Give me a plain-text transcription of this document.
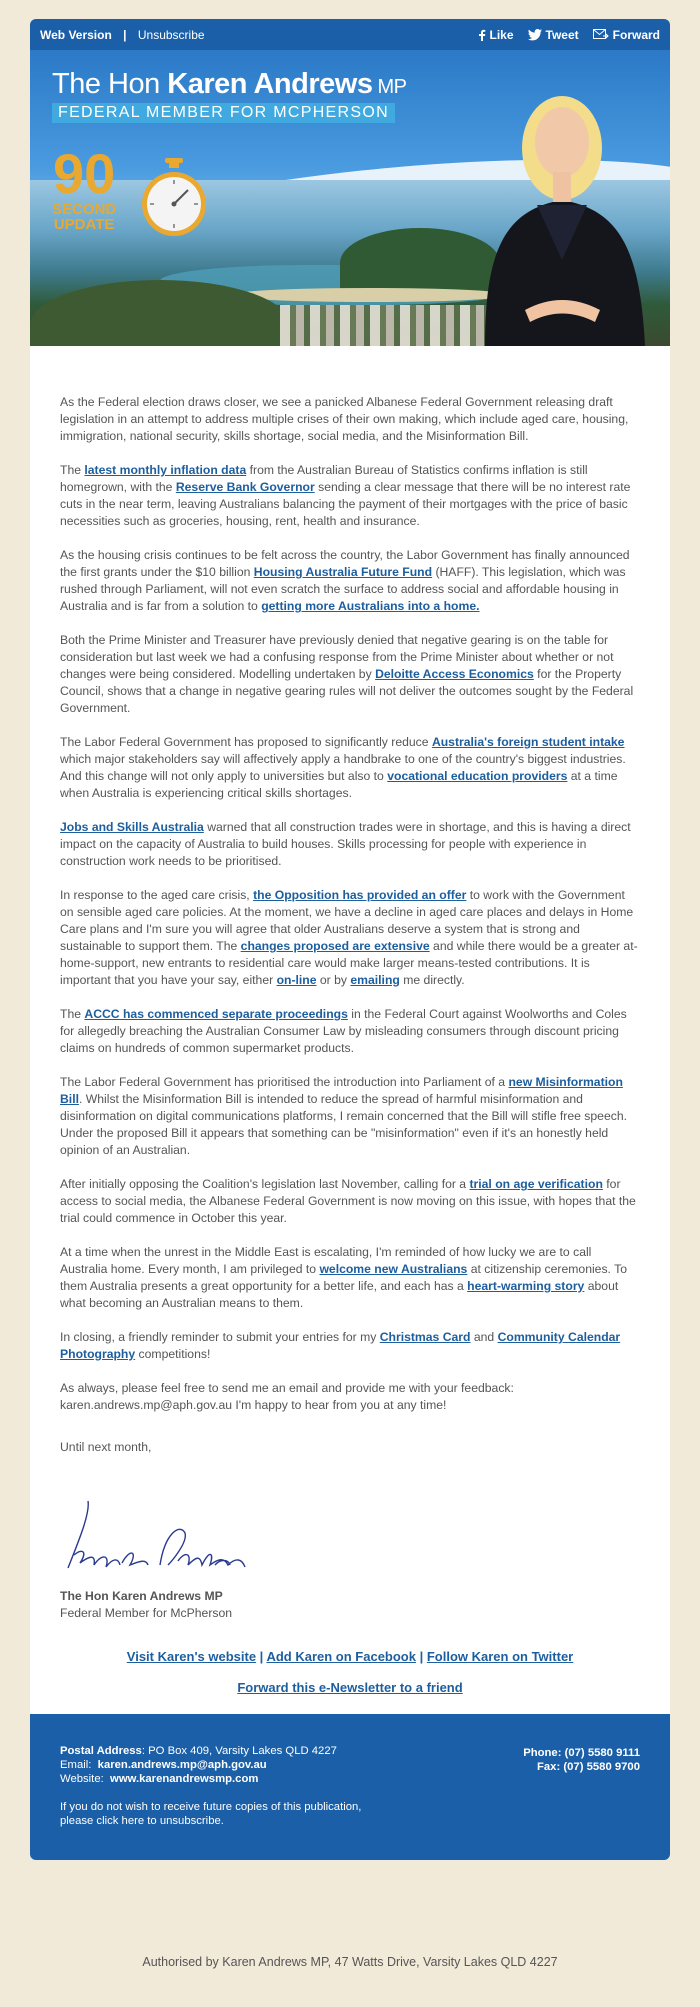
Web Version | Unsubscribe	Like	Tweet	Forward
The Hon Karen Andrews MP
FEDERAL MEMBER FOR MCPHERSON
90
SECOND
UPDATE

As the Federal election draws closer, we see a panicked Albanese Federal Government releasing draft legislation in an attempt to address multiple crises of their own making, which include aged care, housing, immigration, national security, skills shortage, social media, and the Misinformation Bill.

The latest monthly inflation data from the Australian Bureau of Statistics confirms inflation is still homegrown, with the Reserve Bank Governor sending a clear message that there will be no interest rate cuts in the near term, leaving Australians balancing the payment of their mortgages with the price of basic necessities such as groceries, housing, rent, health and insurance.

As the housing crisis continues to be felt across the country, the Labor Government has finally announced the first grants under the $10 billion Housing Australia Future Fund (HAFF). This legislation, which was rushed through Parliament, will not even scratch the surface to address social and affordable housing in Australia and is far from a solution to getting more Australians into a home.

Both the Prime Minister and Treasurer have previously denied that negative gearing is on the table for consideration but last week we had a confusing response from the Prime Minister about whether or not changes were being considered. Modelling undertaken by Deloitte Access Economics for the Property Council, shows that a change in negative gearing rules will not deliver the outcomes sought by the Federal Government.

The Labor Federal Government has proposed to significantly reduce Australia's foreign student intake which major stakeholders say will affectively apply a handbrake to one of the country's biggest industries. And this change will not only apply to universities but also to vocational education providers at a time when Australia is experiencing critical skills shortages.

Jobs and Skills Australia warned that all construction trades were in shortage, and this is having a direct impact on the capacity of Australia to build houses. Skills processing for people with experience in construction work needs to be prioritised.

In response to the aged care crisis, the Opposition has provided an offer to work with the Government on sensible aged care policies. At the moment, we have a decline in aged care places and delays in Home Care plans and I'm sure you will agree that older Australians deserve a system that is strong and sustainable to support them. The changes proposed are extensive and while there would be a greater at-home-support, new entrants to residential care would make larger means-tested contributions. It is important that you have your say, either on-line or by emailing me directly.

The ACCC has commenced separate proceedings in the Federal Court against Woolworths and Coles for allegedly breaching the Australian Consumer Law by misleading consumers through discount pricing claims on hundreds of common supermarket products.

The Labor Federal Government has prioritised the introduction into Parliament of a new Misinformation Bill. Whilst the Misinformation Bill is intended to reduce the spread of harmful misinformation and disinformation on digital communications platforms, I remain concerned that the Bill will stifle free speech. Under the proposed Bill it appears that something can be "misinformation" even if it's an honestly held opinion of an Australian.

After initially opposing the Coalition's legislation last November, calling for a trial on age verification for access to social media, the Albanese Federal Government is now moving on this issue, with hopes that the trial could commence in October this year.

At a time when the unrest in the Middle East is escalating, I'm reminded of how lucky we are to call Australia home. Every month, I am privileged to welcome new Australians at citizenship ceremonies. To them Australia presents a great opportunity for a better life, and each has a heart-warming story about what becoming an Australian means to them.

In closing, a friendly reminder to submit your entries for my Christmas Card and Community Calendar Photography competitions!

As always, please feel free to send me an email and provide me with your feedback: karen.andrews.mp@aph.gov.au I'm happy to hear from you at any time!

Until next month,

The Hon Karen Andrews MP
Federal Member for McPherson
Visit Karen's website | Add Karen on Facebook | Follow Karen on Twitter
Forward this e-Newsletter to a friend
Postal Address: PO Box 409, Varsity Lakes QLD 4227
Email: karen.andrews.mp@aph.gov.au
Website: www.karenandrewsmp.com
If you do not wish to receive future copies of this publication,
please click here to unsubscribe.
Phone: (07) 5580 9111
Fax: (07) 5580 9700
Authorised by Karen Andrews MP, 47 Watts Drive, Varsity Lakes QLD 4227
